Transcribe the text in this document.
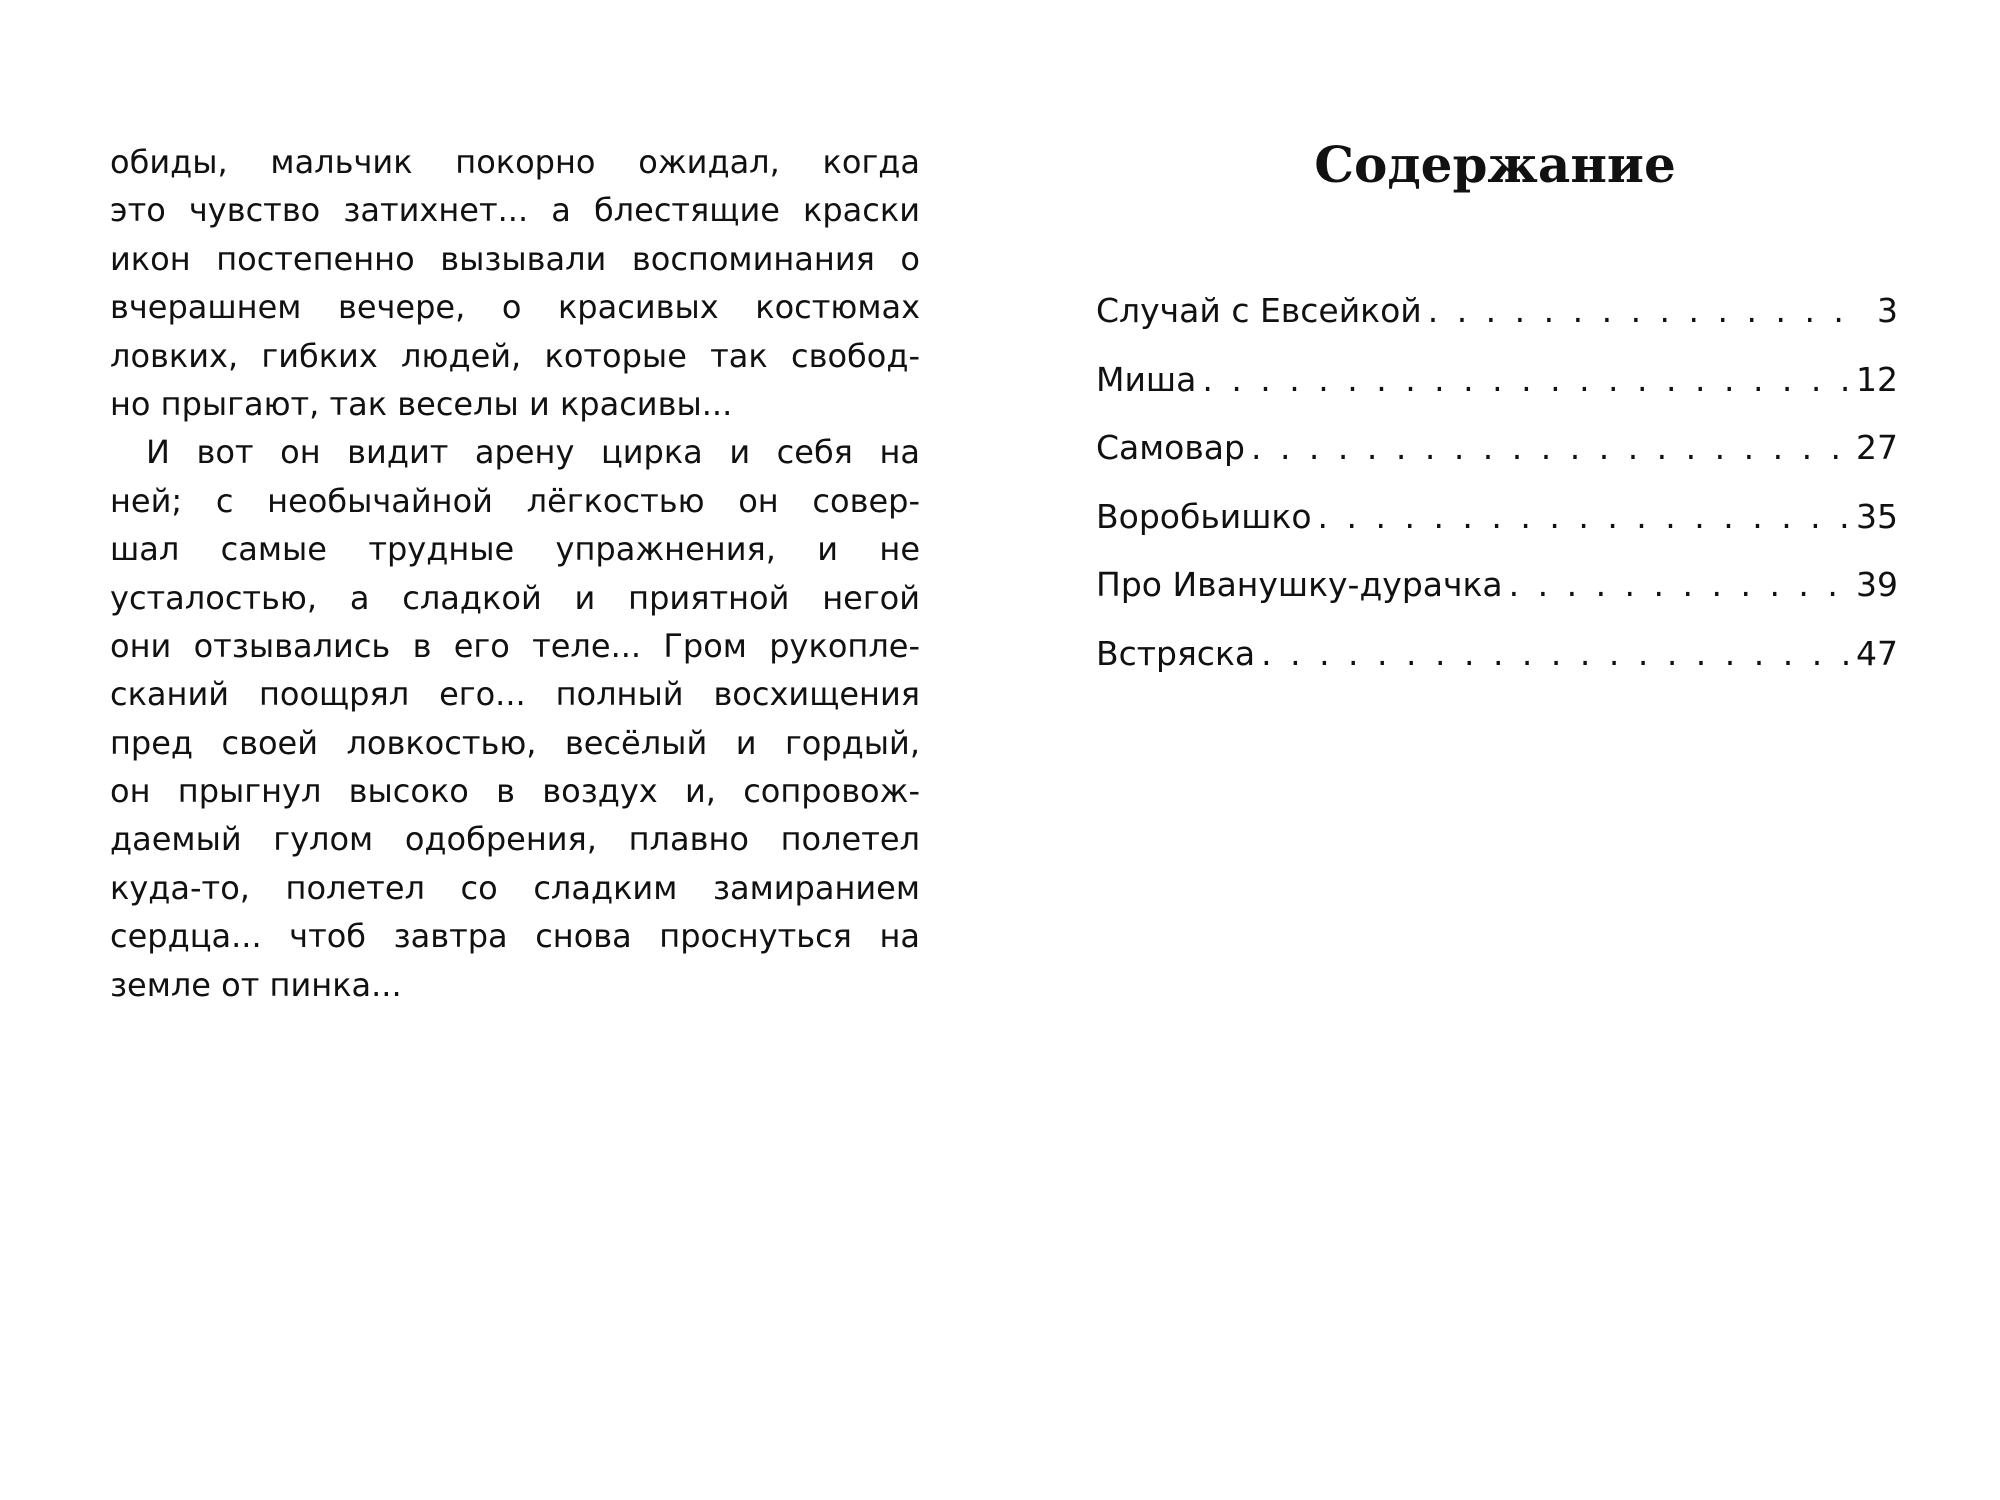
обиды, мальчик покорно ожидал, когда
это чувство затихнет... а блестящие краски
икон постепенно вызывали воспоминания о
вчерашнем вечере, о красивых костюмах
ловких, гибких людей, которые так свобод-
но прыгают, так веселы и красивы...
И вот он видит арену цирка и себя на
ней; с необычайной лёгкостью он совер-
шал самые трудные упражнения, и не
усталостью, а сладкой и приятной негой
они отзывались в его теле... Гром рукопле-
сканий поощрял его... полный восхищения
пред своей ловкостью, весёлый и гордый,
он прыгнул высоко в воздух и, сопровож-
даемый гулом одобрения, плавно полетел
куда-то, полетел со сладким замиранием
сердца... чтоб завтра снова проснуться на
земле от пинка...
Содержание
Случай с Евсейкой . . .	3
Миша . . .	12
Самовар . . .	27
Воробьишко . . .	35
Про Иванушку-дурачка . . .	39
Встряска . . .	47
